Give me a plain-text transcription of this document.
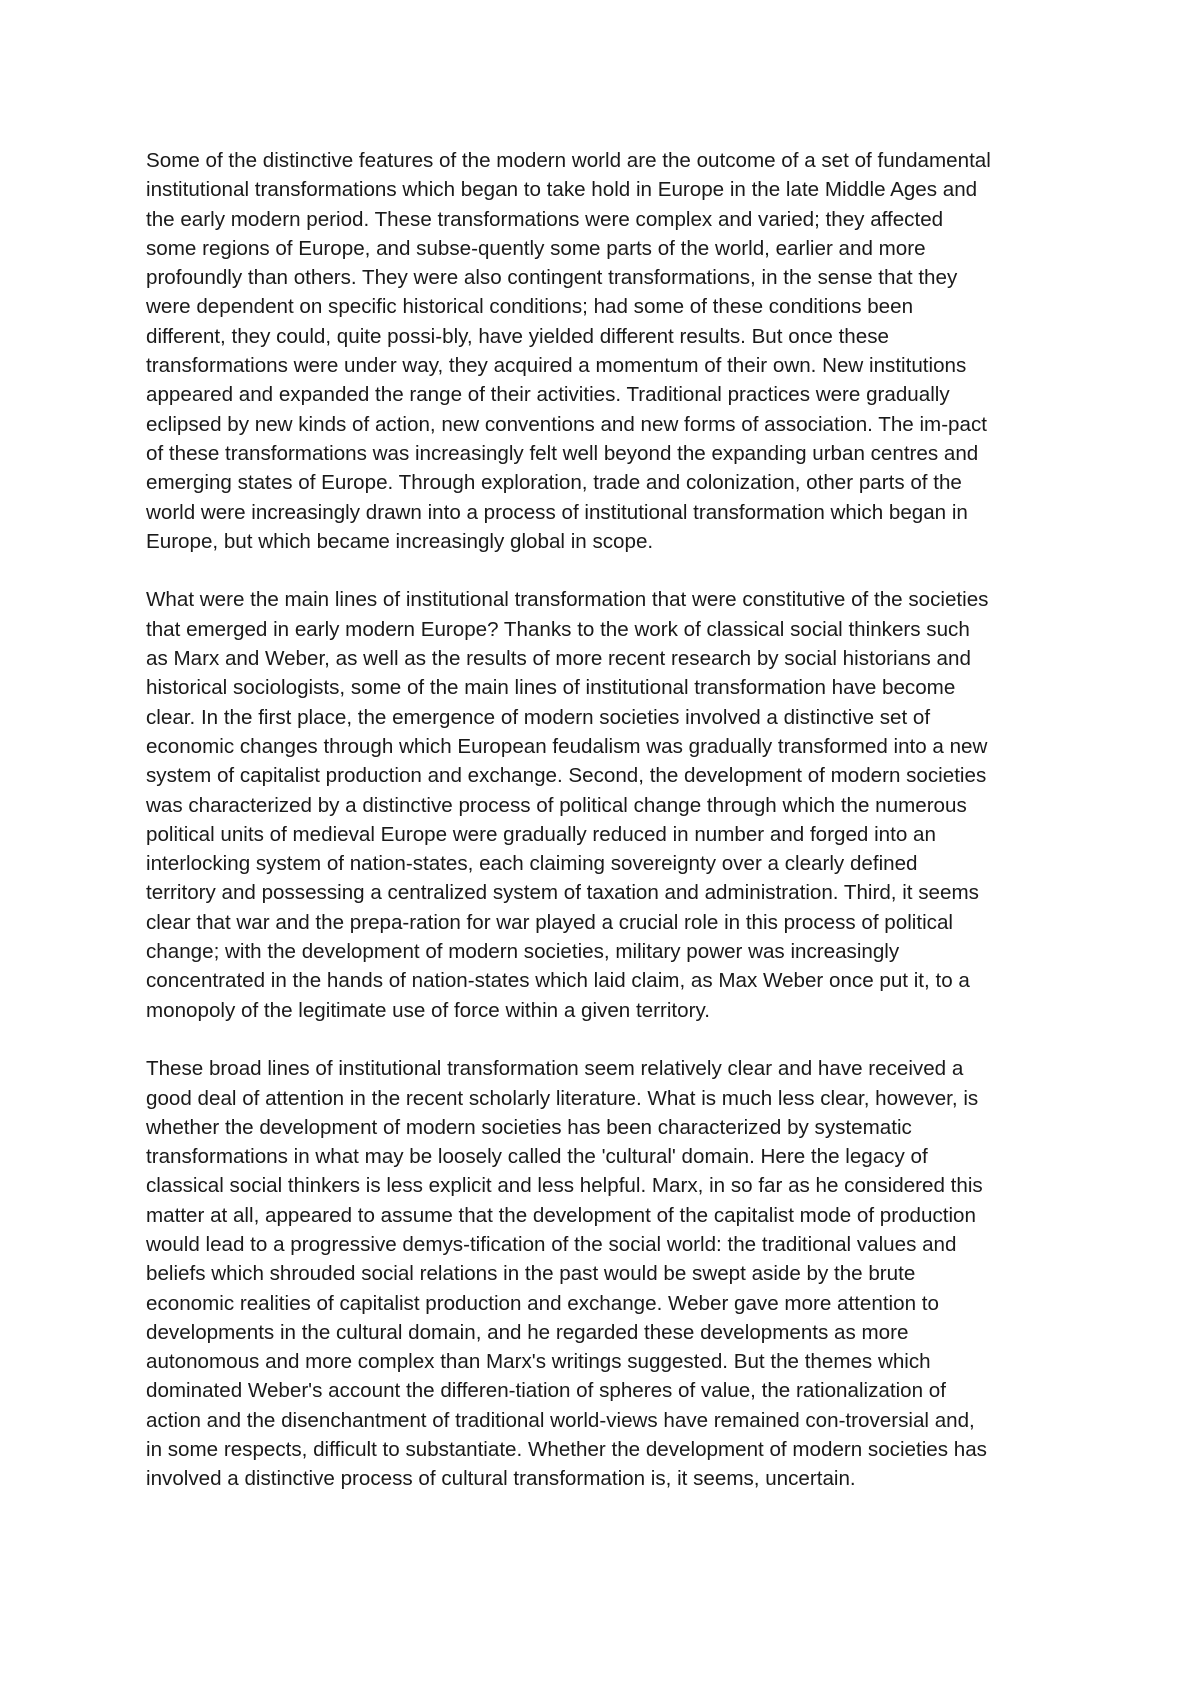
Some of the distinctive features of the modern world are the outcome of a set of fundamental
institutional transformations which began to take hold in Europe in the late Middle Ages and
the early modern period. These transformations were complex and varied; they affected
some regions of Europe, and subse-quently some parts of the world, earlier and more
profoundly than others. They were also contingent transformations, in the sense that they
were dependent on specific historical conditions; had some of these conditions been
different, they could, quite possi-bly, have yielded different results. But once these
transformations were under way, they acquired a momentum of their own. New institutions
appeared and expanded the range of their activities. Traditional practices were gradually
eclipsed by new kinds of action, new conventions and new forms of association. The im-pact
of these transformations was increasingly felt well beyond the expanding urban centres and
emerging states of Europe. Through exploration, trade and colonization, other parts of the
world were increasingly drawn into a process of institutional transformation which began in
Europe, but which became increasingly global in scope.

What were the main lines of institutional transformation that were constitutive of the societies
that emerged in early modern Europe? Thanks to the work of classical social thinkers such
as Marx and Weber, as well as the results of more recent research by social historians and
historical sociologists, some of the main lines of institutional transformation have become
clear. In the first place, the emergence of modern societies involved a distinctive set of
economic changes through which European feudalism was gradually transformed into a new
system of capitalist production and exchange. Second, the development of modern societies
was characterized by a distinctive process of political change through which the numerous
political units of medieval Europe were gradually reduced in number and forged into an
interlocking system of nation-states, each claiming sovereignty over a clearly defined
territory and possessing a centralized system of taxation and administration. Third, it seems
clear that war and the prepa-ration for war played a crucial role in this process of political
change; with the development of modern societies, military power was increasingly
concentrated in the hands of nation-states which laid claim, as Max Weber once put it, to a
monopoly of the legitimate use of force within a given territory.

These broad lines of institutional transformation seem relatively clear and have received a
good deal of attention in the recent scholarly literature. What is much less clear, however, is
whether the development of modern societies has been characterized by systematic
transformations in what may be loosely called the 'cultural' domain. Here the legacy of
classical social thinkers is less explicit and less helpful. Marx, in so far as he considered this
matter at all, appeared to assume that the development of the capitalist mode of production
would lead to a progressive demys-tification of the social world: the traditional values and
beliefs which shrouded social relations in the past would be swept aside by the brute
economic realities of capitalist production and exchange. Weber gave more attention to
developments in the cultural domain, and he regarded these developments as more
autonomous and more complex than Marx's writings suggested. But the themes which
dominated Weber's account the differen-tiation of spheres of value, the rationalization of
action and the disenchantment of traditional world-views have remained con-troversial and,
in some respects, difficult to substantiate. Whether the development of modern societies has
involved a distinctive process of cultural transformation is, it seems, uncertain.
